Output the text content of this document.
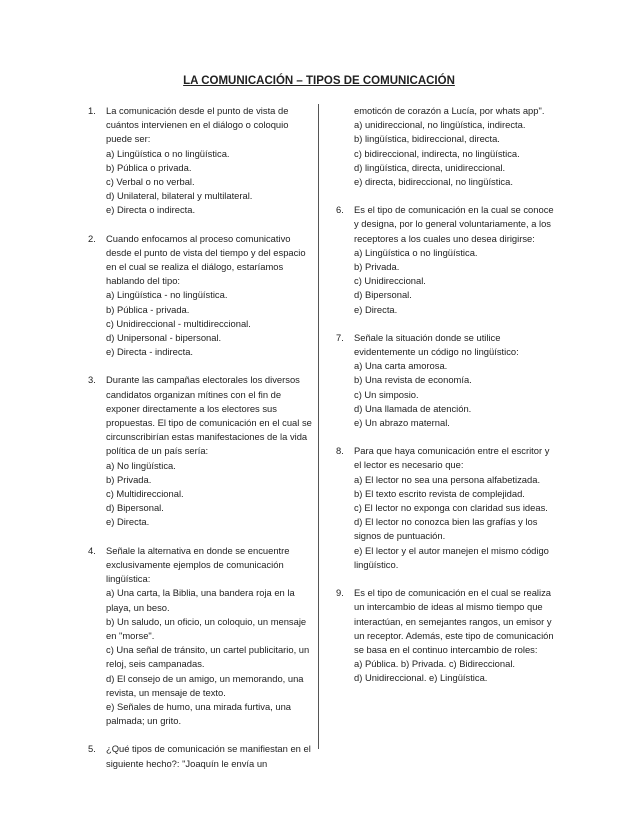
LA COMUNICACIÓN – TIPOS DE COMUNICACIÓN
1. La comunicación desde el punto de vista de cuántos intervienen en el diálogo o coloquio puede ser:
a) Lingüística o no lingüística.
b) Pública o privada.
c) Verbal o no verbal.
d) Unilateral, bilateral y multilateral.
e) Directa o indirecta.
2. Cuando enfocamos al proceso comunicativo desde el punto de vista del tiempo y del espacio en el cual se realiza el diálogo, estaríamos hablando del tipo:
a) Lingüística - no lingüística.
b) Pública - privada.
c) Unidireccional - multidireccional.
d) Unipersonal - bipersonal.
e) Directa - indirecta.
3. Durante las campañas electorales los diversos candidatos organizan mítines con el fin de exponer directamente a los electores sus propuestas. El tipo de comunicación en el cual se circunscribirían estas manifestaciones de la vida política de un país sería:
a) No lingüística.
b) Privada.
c) Multidireccional.
d) Bipersonal.
e) Directa.
4. Señale la alternativa en donde se encuentre exclusivamente ejemplos de comunicación lingüística:
a) Una carta, la Biblia, una bandera roja en la playa, un beso.
b) Un saludo, un oficio, un coloquio, un mensaje en "morse".
c) Una señal de tránsito, un cartel publicitario, un reloj, seis campanadas.
d) El consejo de un amigo, un memorando, una revista, un mensaje de texto.
e) Señales de humo, una mirada furtiva, una palmada; un grito.
5. ¿Qué tipos de comunicación se manifiestan en el siguiente hecho?: "Joaquín le envía un
emoticón de corazón a Lucía, por whats app".
a) unidireccional, no lingüística, indirecta.
b) lingüística, bidireccional, directa.
c) bidireccional, indirecta, no lingüística.
d) lingüística, directa, unidireccional.
e) directa, bidireccional, no lingüística.
6. Es el tipo de comunicación en la cual se conoce y designa, por lo general voluntariamente, a los receptores a los cuales uno desea dirigirse:
a) Lingüística o no lingüística.
b) Privada.
c) Unidireccional.
d) Bipersonal.
e) Directa.
7. Señale la situación donde se utilice evidentemente un código no lingüístico:
a) Una carta amorosa.
b) Una revista de economía.
c) Un simposio.
d) Una llamada de atención.
e) Un abrazo maternal.
8. Para que haya comunicación entre el escritor y el lector es necesario que:
a) El lector no sea una persona alfabetizada.
b) El texto escrito revista de complejidad.
c) El lector no exponga con claridad sus ideas.
d) El lector no conozca bien las grafías y los signos de puntuación.
e) El lector y el autor manejen el mismo código lingüístico.
9. Es el tipo de comunicación en el cual se realiza un intercambio de ideas al mismo tiempo que interactúan, en semejantes rangos, un emisor y un receptor. Además, este tipo de comunicación se basa en el continuo intercambio de roles:
a) Pública. b) Privada. c) Bidireccional.
d) Unidireccional. e) Lingüística.
